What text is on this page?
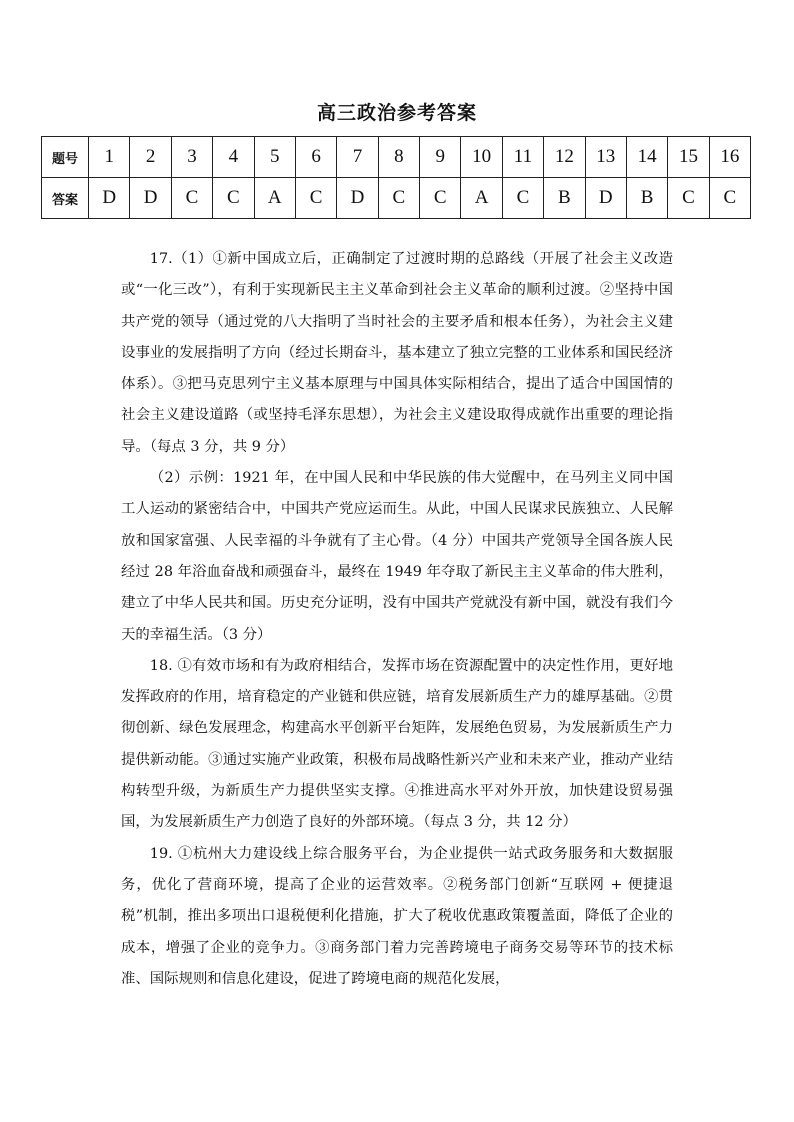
高三政治参考答案
题号	1	2	3	4	5	6	7	8	9	10	11	12	13	14	15	16
答案	D	D	C	C	A	C	D	C	C	A	C	B	D	B	C	C

17.（1）①新中国成立后，正确制定了过渡时期的总路线（开展了社会主义改造或“一化三改”），有利于实现新民主主义革命到社会主义革命的顺利过渡。②坚持中国共产党的领导（通过党的八大指明了当时社会的主要矛盾和根本任务），为社会主义建设事业的发展指明了方向（经过长期奋斗，基本建立了独立完整的工业体系和国民经济体系）。③把马克思列宁主义基本原理与中国具体实际相结合，提出了适合中国国情的社会主义建设道路（或坚持毛泽东思想），为社会主义建设取得成就作出重要的理论指导。（每点 3 分，共 9 分）

（2）示例：1921 年，在中国人民和中华民族的伟大觉醒中，在马列主义同中国工人运动的紧密结合中，中国共产党应运而生。从此，中国人民谋求民族独立、人民解放和国家富强、人民幸福的斗争就有了主心骨。（4 分）中国共产党领导全国各族人民经过 28 年浴血奋战和顽强奋斗，最终在 1949 年夺取了新民主主义革命的伟大胜利，建立了中华人民共和国。历史充分证明，没有中国共产党就没有新中国，就没有我们今天的幸福生活。（3 分）

18. ①有效市场和有为政府相结合，发挥市场在资源配置中的决定性作用，更好地发挥政府的作用，培育稳定的产业链和供应链，培育发展新质生产力的雄厚基础。②贯彻创新、绿色发展理念，构建高水平创新平台矩阵，发展绝色贸易，为发展新质生产力提供新动能。③通过实施产业政策，积极布局战略性新兴产业和未来产业，推动产业结构转型升级，为新质生产力提供坚实支撑。④推进高水平对外开放，加快建设贸易强国，为发展新质生产力创造了良好的外部环境。（每点 3 分，共 12 分）

19. ①杭州大力建设线上综合服务平台，为企业提供一站式政务服务和大数据服务，优化了营商环境，提高了企业的运营效率。②税务部门创新“互联网 + 便捷退税”机制，推出多项出口退税便利化措施，扩大了税收优惠政策覆盖面，降低了企业的成本，增强了企业的竞争力。③商务部门着力完善跨境电子商务交易等环节的技术标准、国际规则和信息化建设，促进了跨境电商的规范化发展，
